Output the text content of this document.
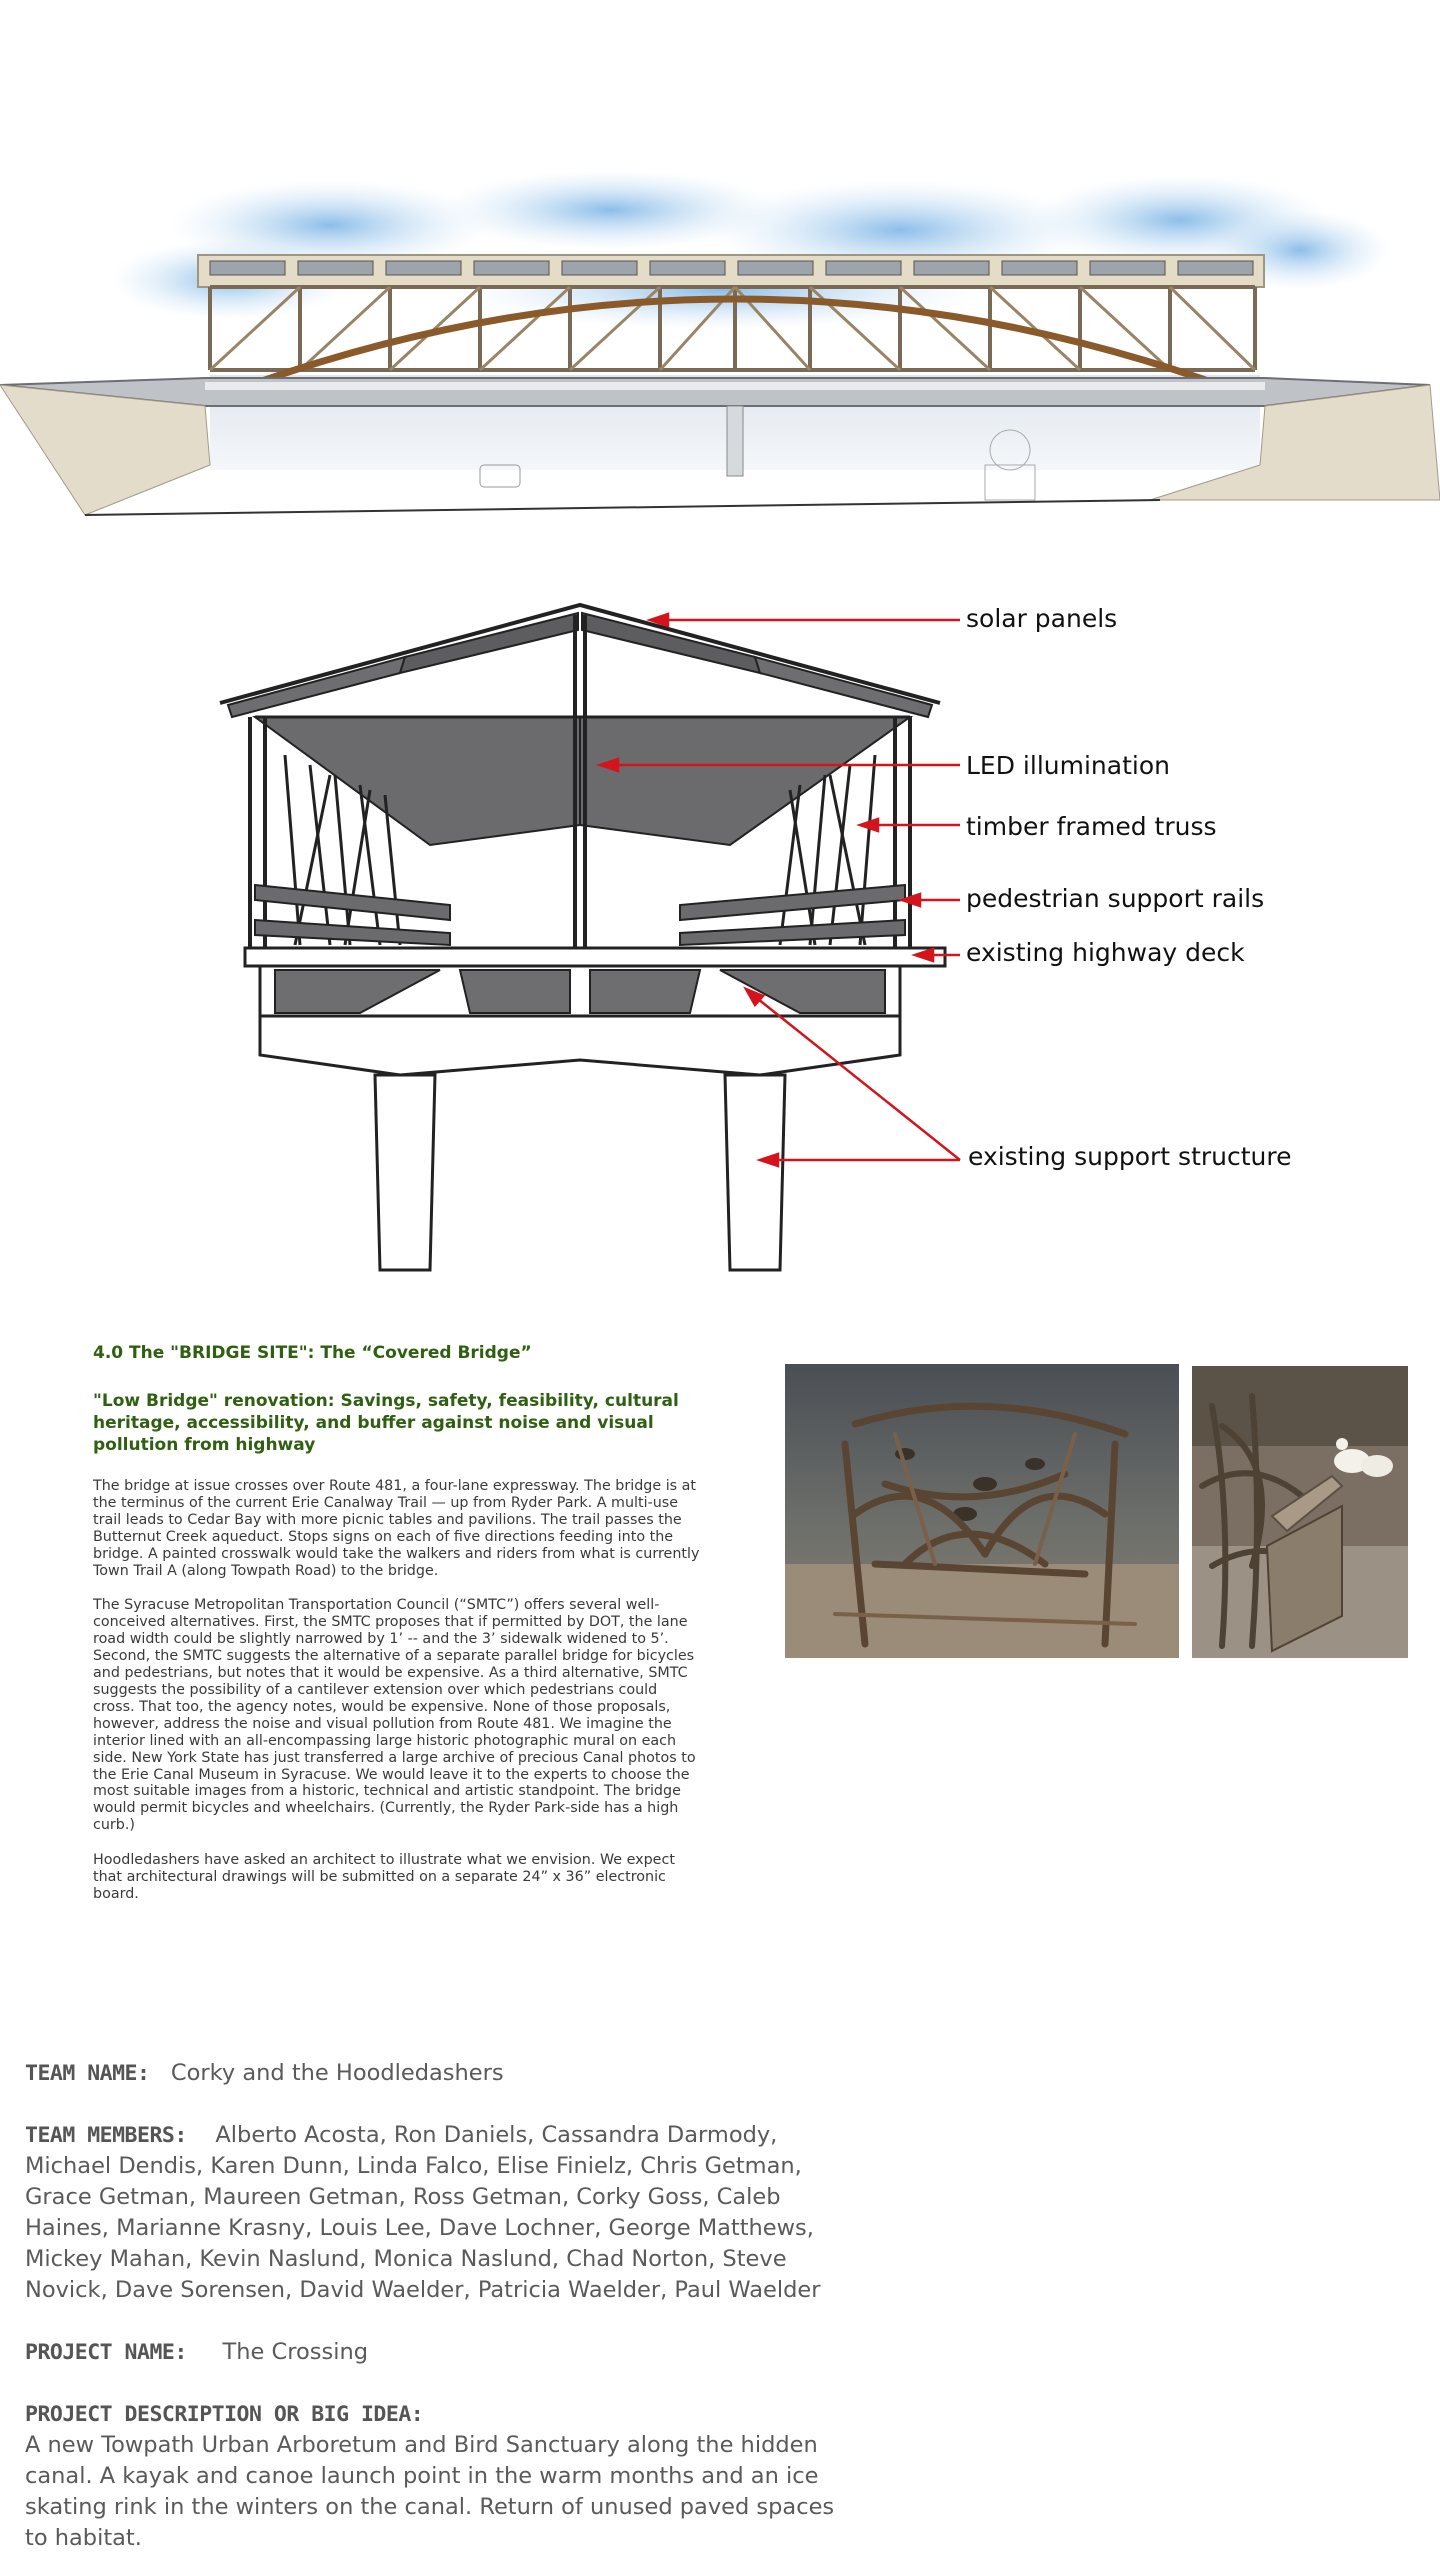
solar panels
LED illumination
timber framed truss
pedestrian support rails
existing highway deck
existing support structure

4.0 The "BRIDGE SITE": The “Covered Bridge”

"Low Bridge" renovation: Savings, safety, feasibility, cultural heritage, accessibility, and buffer against noise and visual pollution from highway

The bridge at issue crosses over Route 481, a four-lane expressway. The bridge is at the terminus of the current Erie Canalway Trail — up from Ryder Park. A multi-use trail leads to Cedar Bay with more picnic tables and pavilions. The trail passes the Butternut Creek aqueduct. Stops signs on each of five directions feeding into the bridge. A painted crosswalk would take the walkers and riders from what is currently Town Trail A (along Towpath Road) to the bridge.

The Syracuse Metropolitan Transportation Council (“SMTC”) offers several well-conceived alternatives. First, the SMTC proposes that if permitted by DOT, the lane road width could be slightly narrowed by 1’ -- and the 3’ sidewalk widened to 5’. Second, the SMTC suggests the alternative of a separate parallel bridge for bicycles and pedestrians, but notes that it would be expensive. As a third alternative, SMTC suggests the possibility of a cantilever extension over which pedestrians could cross. That too, the agency notes, would be expensive. None of those proposals, however, address the noise and visual pollution from Route 481. We imagine the interior lined with an all-encompassing large historic photographic mural on each side. New York State has just transferred a large archive of precious Canal photos to the Erie Canal Museum in Syracuse. We would leave it to the experts to choose the most suitable images from a historic, technical and artistic standpoint. The bridge would permit bicycles and wheelchairs. (Currently, the Ryder Park-side has a high curb.)

Hoodledashers have asked an architect to illustrate what we envision. We expect that architectural drawings will be submitted on a separate 24” x 36” electronic board.

TEAM NAME: Corky and the Hoodledashers

TEAM MEMBERS: Alberto Acosta, Ron Daniels, Cassandra Darmody, Michael Dendis, Karen Dunn, Linda Falco, Elise Finielz, Chris Getman, Grace Getman, Maureen Getman, Ross Getman, Corky Goss, Caleb Haines, Marianne Krasny, Louis Lee, Dave Lochner, George Matthews, Mickey Mahan, Kevin Naslund, Monica Naslund, Chad Norton, Steve Novick, Dave Sorensen, David Waelder, Patricia Waelder, Paul Waelder

PROJECT NAME: The Crossing

PROJECT DESCRIPTION OR BIG IDEA:
A new Towpath Urban Arboretum and Bird Sanctuary along the hidden canal. A kayak and canoe launch point in the warm months and an ice skating rink in the winters on the canal. Return of unused paved spaces to habitat.
